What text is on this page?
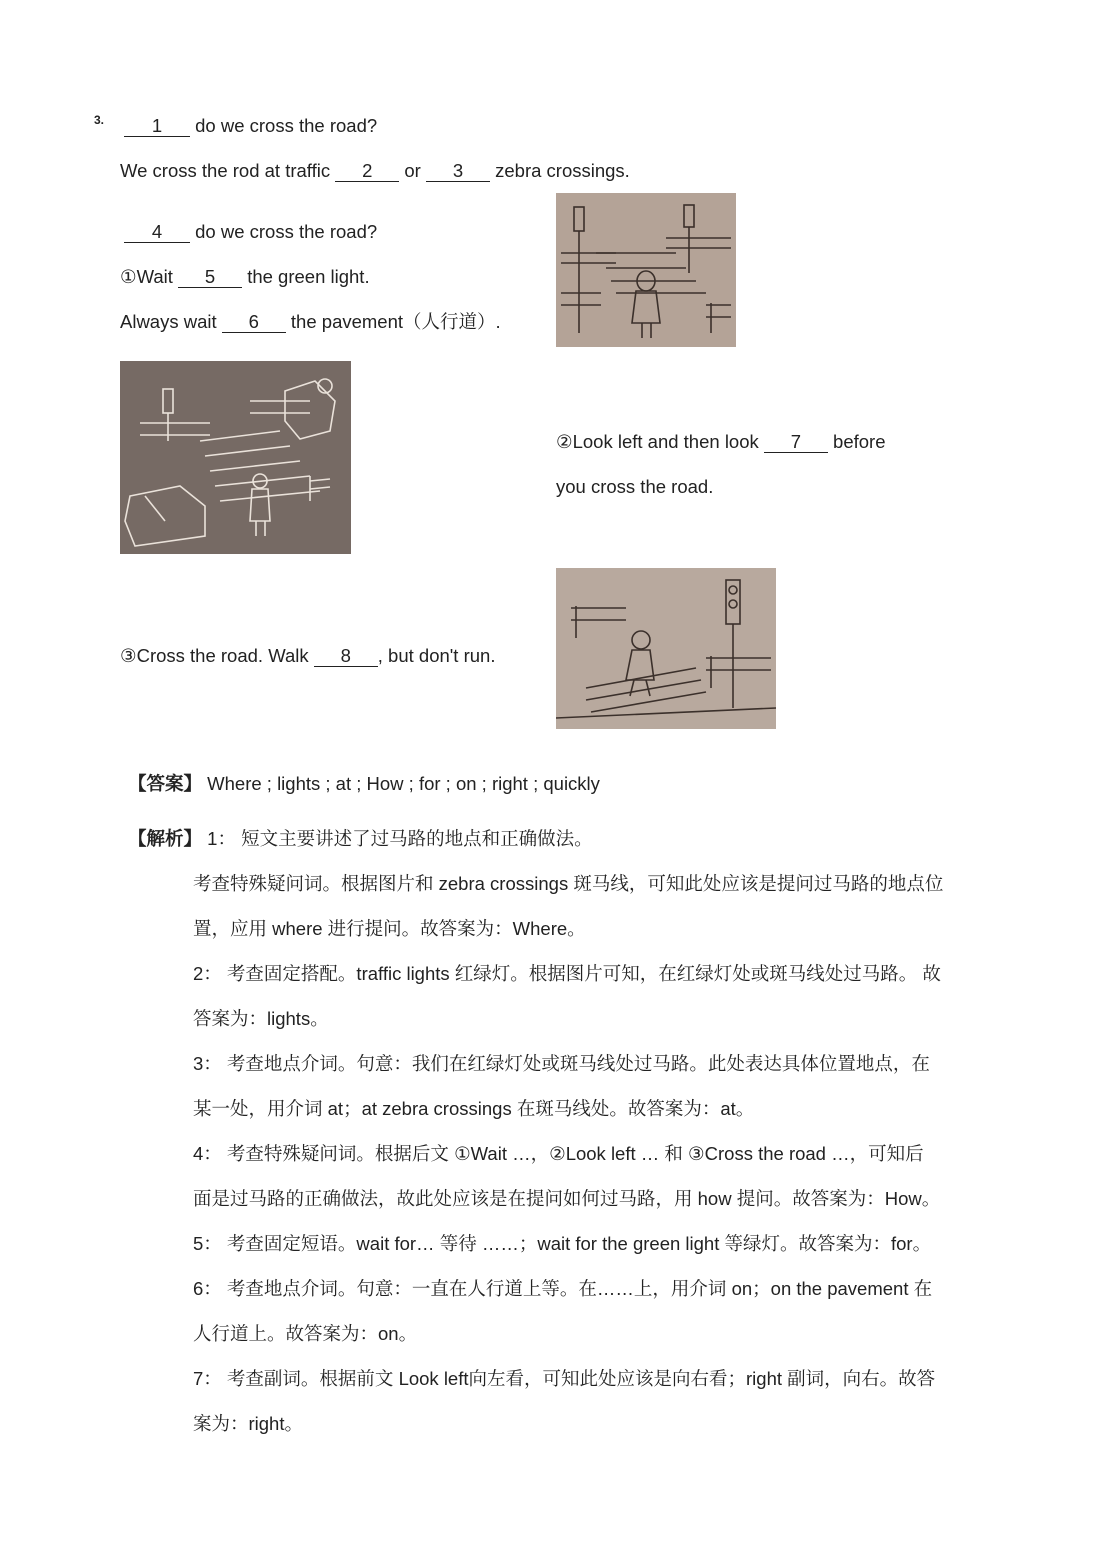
3.	1 do we cross the road?
We cross the rod at traffic 2 or 3 zebra crossings.
4 do we cross the road?
①Wait 5 the green light.
Always wait 6 the pavement（人行道）.
②Look left and then look 7 before
you cross the road.
③Cross the road. Walk 8 , but don't run.
【答案】 Where ; lights ; at ; How ; for ; on ; right ; quickly
【解析】 1： 短文主要讲述了过马路的地点和正确做法。

考查特殊疑问词。根据图片和 zebra crossings 斑马线，可知此处应该是提问过马路的地点位

置，应用 where 进行提问。故答案为：Where。

2： 考查固定搭配。traffic lights 红绿灯。根据图片可知，在红绿灯处或斑马线处过马路。 故

答案为：lights。

3： 考查地点介词。句意：我们在红绿灯处或斑马线处过马路。此处表达具体位置地点，在

某一处，用介词 at；at zebra crossings 在斑马线处。故答案为：at。

4： 考查特殊疑问词。根据后文 ①Wait …，②Look left … 和 ③Cross the road …，可知后

面是过马路的正确做法，故此处应该是在提问如何过马路，用 how 提问。故答案为：How。

5： 考查固定短语。wait for… 等待 ……；wait for the green light 等绿灯。故答案为：for。

6： 考查地点介词。句意：一直在人行道上等。在……上，用介词 on；on the pavement 在

人行道上。故答案为：on。

7： 考查副词。根据前文 Look left向左看，可知此处应该是向右看；right 副词，向右。故答

案为：right。
